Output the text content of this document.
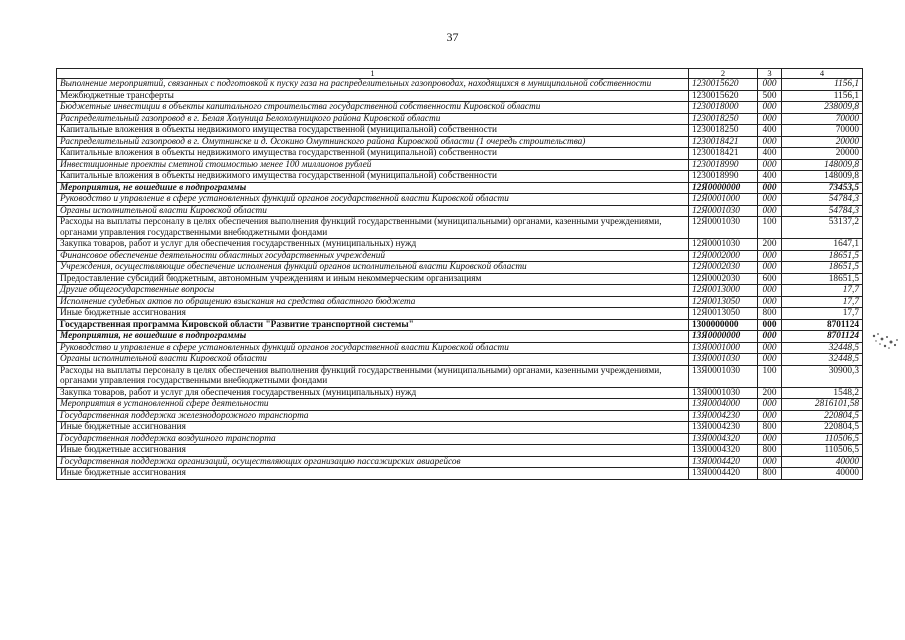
37
1	2	3	4
Выполнение мероприятий, связанных с подготовкой к пуску газа на распределительных газопроводах, находящихся в муниципальной собственности	1230015620	000	1156,1
Межбюджетные трансферты	1230015620	500	1156,1
Бюджетные инвестиции в объекты капитального строительства государственной собственности Кировской области	1230018000	000	238009,8
Распределительный газопровод в г. Белая Холуница Белохолуницкого района Кировской области	1230018250	000	70000
Капитальные вложения в объекты недвижимого имущества государственной (муниципальной) собственности	1230018250	400	70000
Распределительный газопровод в г. Омутнинске и д. Осокино Омутнинского района Кировской области (1 очередь строительства)	1230018421	000	20000
Капитальные вложения в объекты недвижимого имущества государственной (муниципальной) собственности	1230018421	400	20000
Инвестиционные проекты сметной стоимостью менее 100 миллионов рублей	1230018990	000	148009,8
Капитальные вложения в объекты недвижимого имущества государственной (муниципальной) собственности	1230018990	400	148009,8
Мероприятия, не вошедшие в подпрограммы	12Я0000000	000	73453,5
Руководство и управление в сфере установленных функций органов государственной власти Кировской области	12Я0001000	000	54784,3
Органы исполнительной власти Кировской области	12Я0001030	000	54784,3
Расходы на выплаты персоналу в целях обеспечения выполнения функций государственными (муниципальными) органами, казенными учреждениями, органами управления государственными внебюджетными фондами	12Я0001030	100	53137,2
Закупка товаров, работ и услуг для обеспечения государственных (муниципальных) нужд	12Я0001030	200	1647,1
Финансовое обеспечение деятельности областных государственных учреждений	12Я0002000	000	18651,5
Учреждения, осуществляющие обеспечение исполнения функций органов исполнительной власти Кировской области	12Я0002030	000	18651,5
Предоставление субсидий бюджетным, автономным учреждениям и иным некоммерческим организациям	12Я0002030	600	18651,5
Другие общегосударственные вопросы	12Я0013000	000	17,7
Исполнение судебных актов по обращению взыскания на средства областного бюджета	12Я0013050	000	17,7
Иные бюджетные ассигнования	12Я0013050	800	17,7
Государственная программа Кировской области "Развитие транспортной системы"	1300000000	000	8701124
Мероприятия, не вошедшие в подпрограммы	13Я0000000	000	8701124
Руководство и управление в сфере установленных функций органов государственной власти Кировской области	13Я0001000	000	32448,5
Органы исполнительной власти Кировской области	13Я0001030	000	32448,5
Расходы на выплаты персоналу в целях обеспечения выполнения функций государственными (муниципальными) органами, казенными учреждениями, органами управления государственными внебюджетными фондами	13Я0001030	100	30900,3
Закупка товаров, работ и услуг для обеспечения государственных (муниципальных) нужд	13Я0001030	200	1548,2
Мероприятия в установленной сфере деятельности	13Я0004000	000	2816101,58
Государственная поддержка железнодорожного транспорта	13Я0004230	000	220804,5
Иные бюджетные ассигнования	13Я0004230	800	220804,5
Государственная поддержка воздушного транспорта	13Я0004320	000	110506,5
Иные бюджетные ассигнования	13Я0004320	800	110506,5
Государственная поддержка организаций, осуществляющих организацию пассажирских авиарейсов	13Я0004420	000	40000
Иные бюджетные ассигнования	13Я0004420	800	40000
